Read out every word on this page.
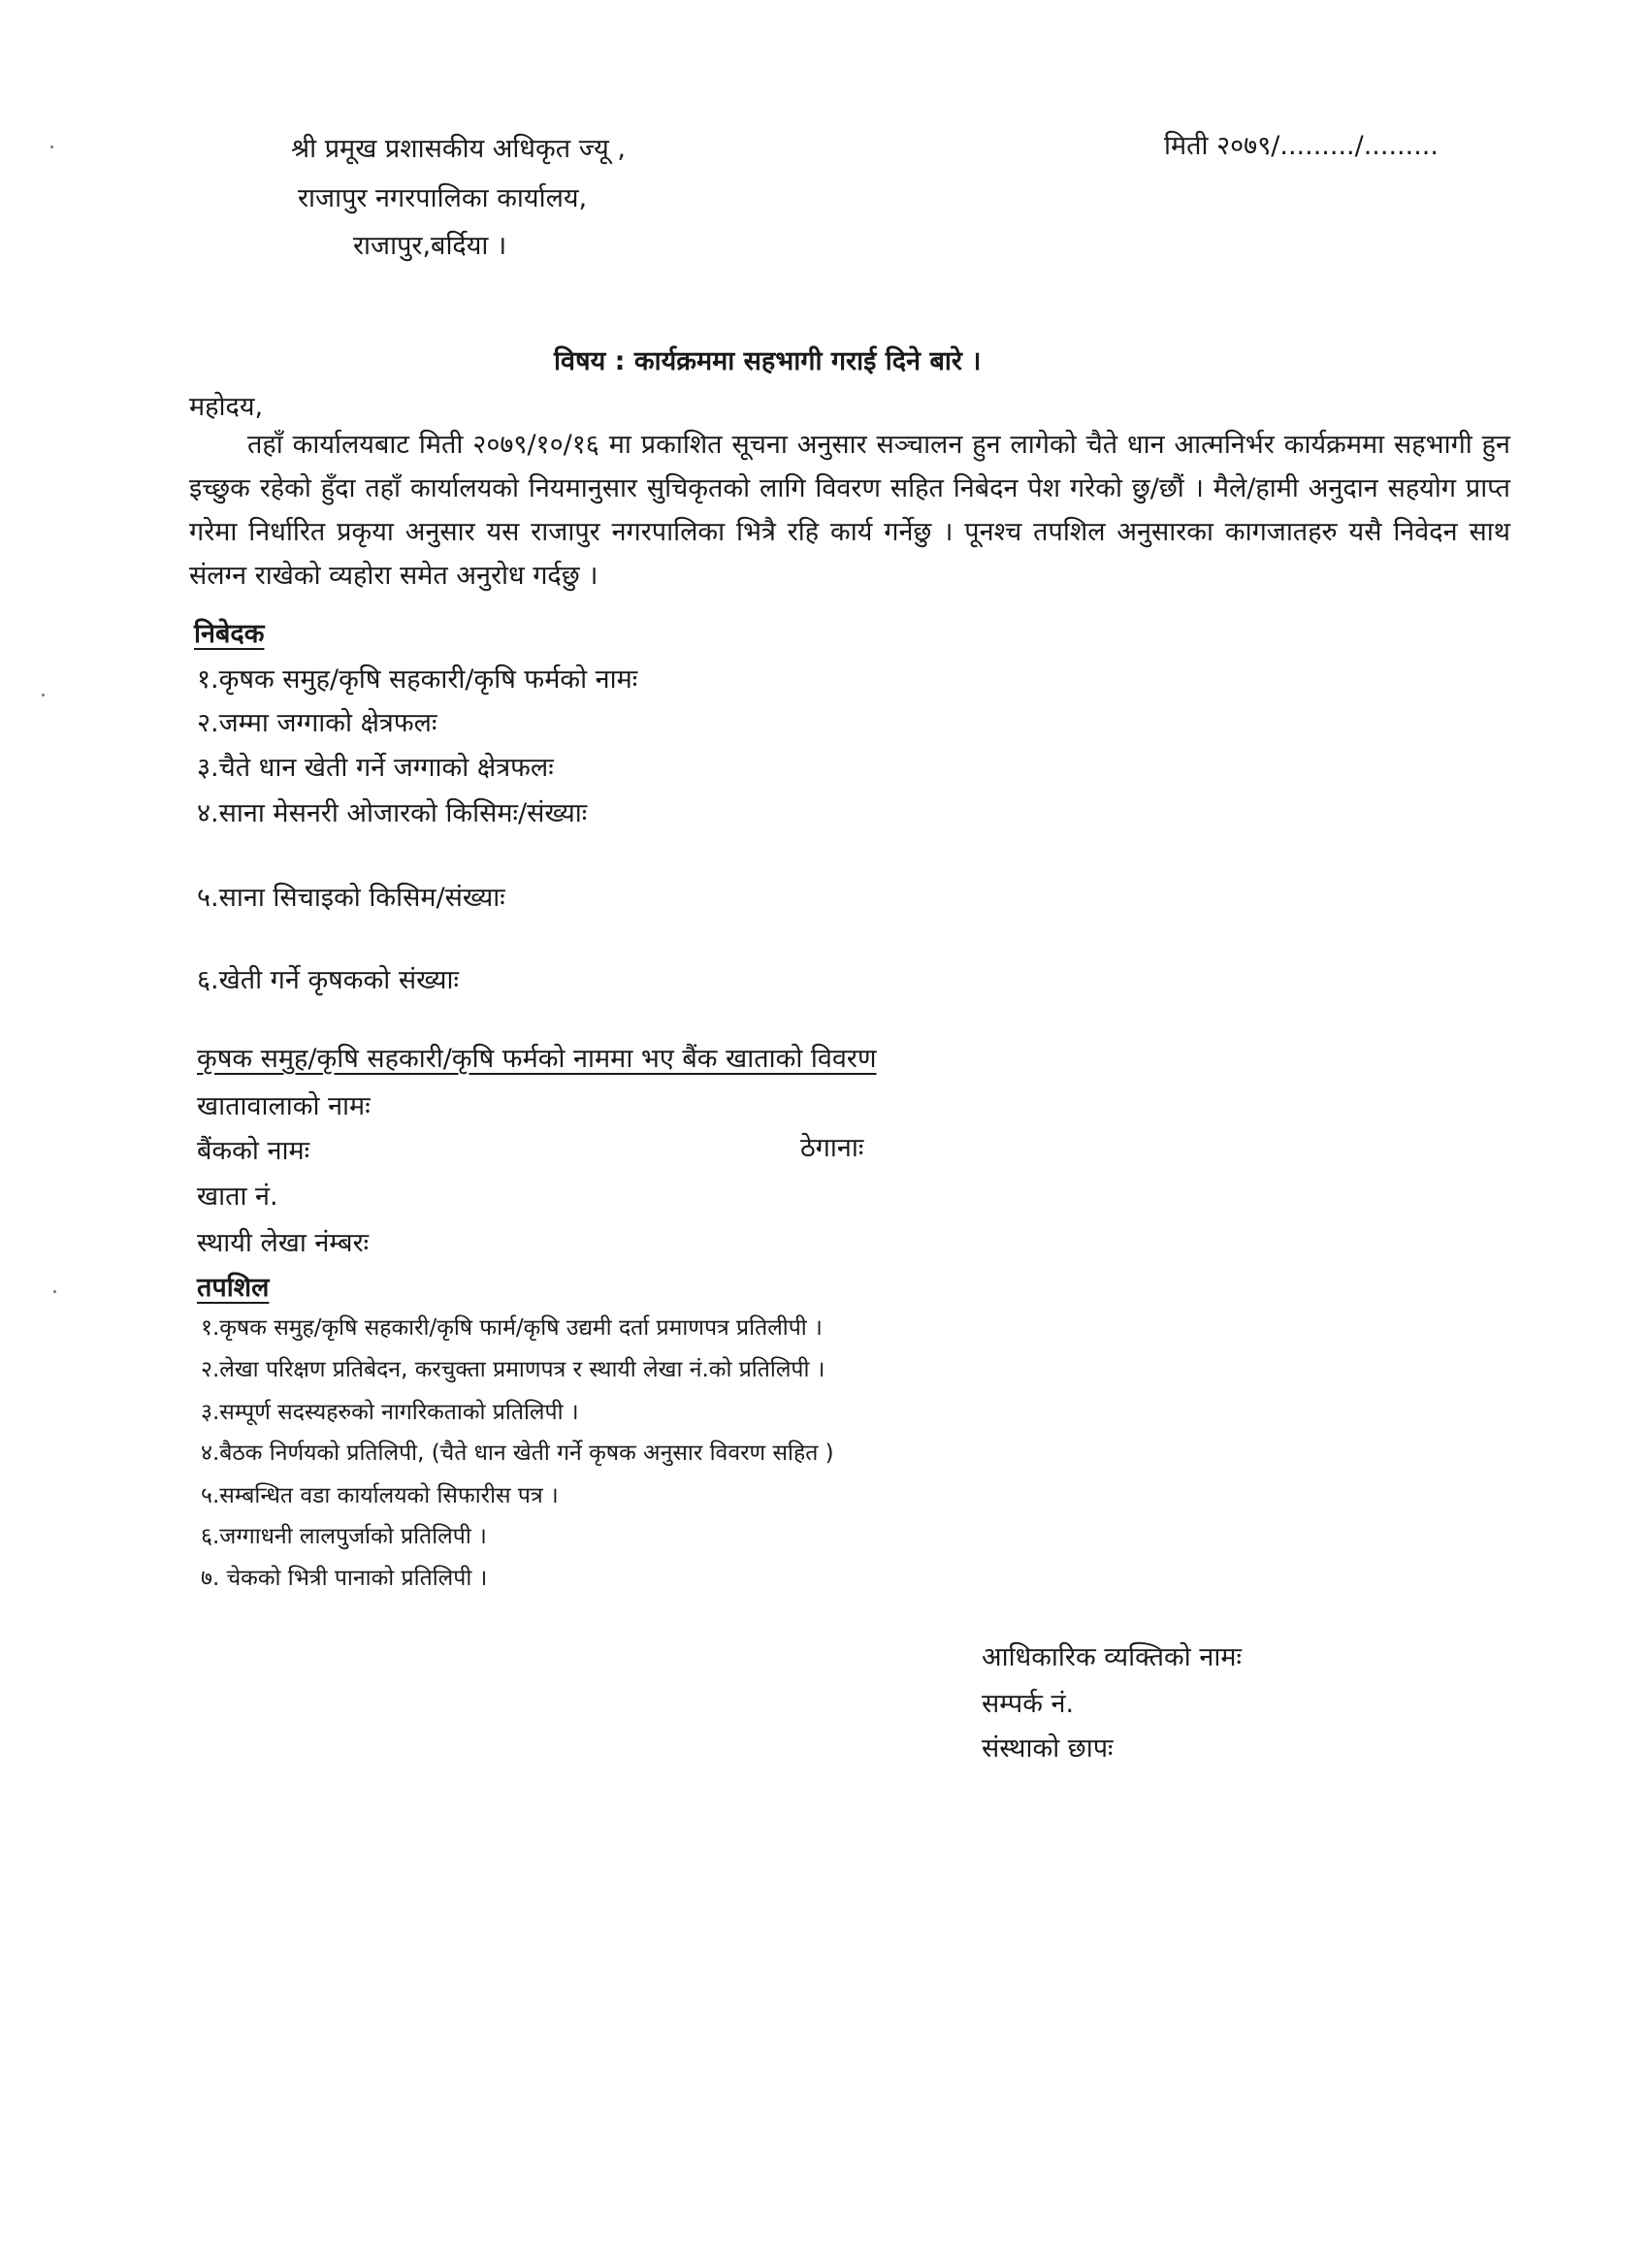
श्री प्रमूख प्रशासकीय अधिकृत ज्यू ,
राजापुर नगरपालिका कार्यालय,
राजापुर,बर्दिया ।
मिती २०७९/........./.........
विषय : कार्यक्रममा सहभागी गराई दिने बारे ।
महोदय,
तहाँ कार्यालयबाट मिती २०७९/१०/१६ मा प्रकाशित सूचना अनुसार सञ्चालन हुन लागेको चैते धान आत्मनिर्भर कार्यक्रममा सहभागी हुन इच्छुक रहेको हुँदा तहाँ कार्यालयको नियमानुसार सुचिकृतको लागि विवरण सहित निबेदन पेश गरेको छु/छौं । मैले/हामी अनुदान सहयोग प्राप्त गरेमा निर्धारित प्रकृया अनुसार यस राजापुर नगरपालिका भित्रै रहि कार्य गर्नेछु । पूनश्च तपशिल अनुसारका कागजातहरु यसै निवेदन साथ संलग्न राखेको व्यहोरा समेत अनुरोध गर्दछु ।
निबेदक
१.कृषक समुह/कृषि सहकारी/कृषि फर्मको नामः
२.जम्मा जग्गाको क्षेत्रफलः
३.चैते धान खेती गर्ने जग्गाको क्षेत्रफलः
४.साना मेसनरी ओजारको किसिमः/संख्याः
५.साना सिचाइको किसिम/संख्याः
६.खेती गर्ने कृषकको संख्याः
कृषक समुह/कृषि सहकारी/कृषि फर्मको नाममा भए बैंक खाताको विवरण
खातावालाको नामः
बैंकको नामः	ठेगानाः
खाता नं.
स्थायी लेखा नंम्बरः
तपशिल
१.कृषक समुह/कृषि सहकारी/कृषि फार्म/कृषि उद्यमी दर्ता प्रमाणपत्र प्रतिलीपी ।
२.लेखा परिक्षण प्रतिबेदन, करचुक्ता प्रमाणपत्र र स्थायी लेखा नं.को प्रतिलिपी ।
३.सम्पूर्ण सदस्यहरुको नागरिकताको प्रतिलिपी ।
४.बैठक निर्णयको प्रतिलिपी, (चैते धान खेती गर्ने कृषक अनुसार विवरण सहित )
५.सम्बन्धित वडा कार्यालयको सिफारीस पत्र ।
६.जग्गाधनी लालपुर्जाको प्रतिलिपी ।
७. चेकको भित्री पानाको प्रतिलिपी ।
आधिकारिक व्यक्तिको नामः
सम्पर्क नं.
संस्थाको छापः
